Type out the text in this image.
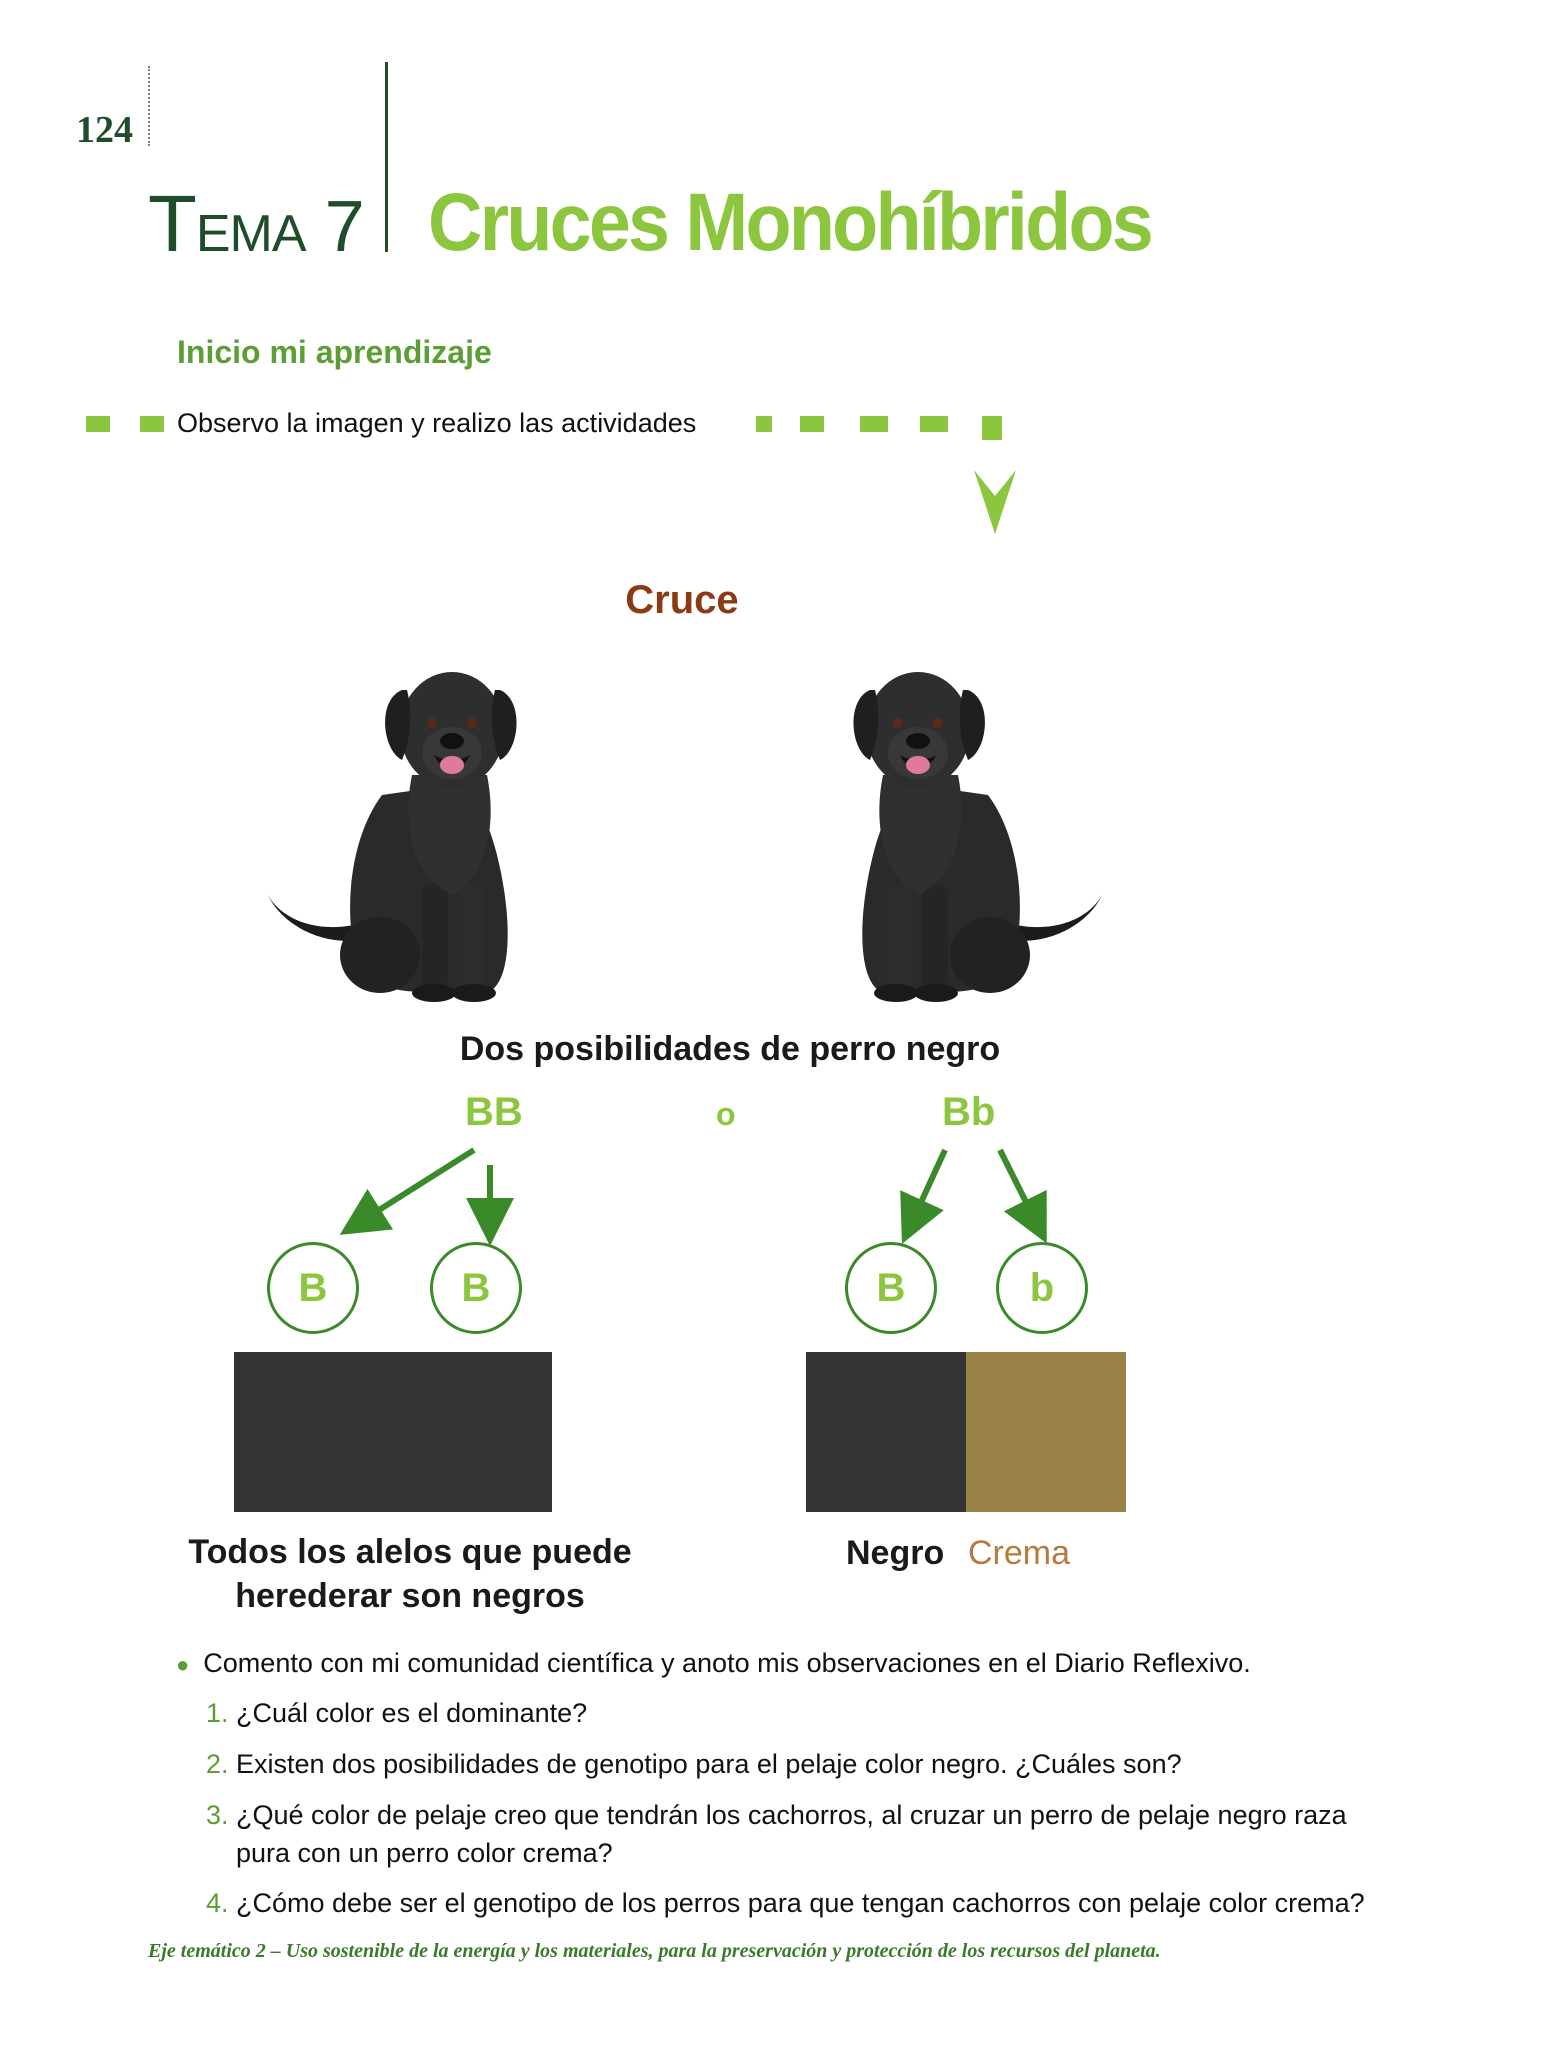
124
TEMA 7 Cruces Monohíbridos
Inicio mi aprendizaje
Observo la imagen y realizo las actividades
Cruce
Dos posibilidades de perro negro
BB	o	Bb
B	B	B	b
Todos los alelos que puede
herederar son negros
Negro Crema
● Comento con mi comunidad científica y anoto mis observaciones en el Diario Reflexivo.
1. ¿Cuál color es el dominante?
2. Existen dos posibilidades de genotipo para el pelaje color negro. ¿Cuáles son?
3. ¿Qué color de pelaje creo que tendrán los cachorros, al cruzar un perro de pelaje negro raza
pura con un perro color crema?
4. ¿Cómo debe ser el genotipo de los perros para que tengan cachorros con pelaje color crema?
Eje temático 2 – Uso sostenible de la energía y los materiales, para la preservación y protección de los recursos del planeta.
